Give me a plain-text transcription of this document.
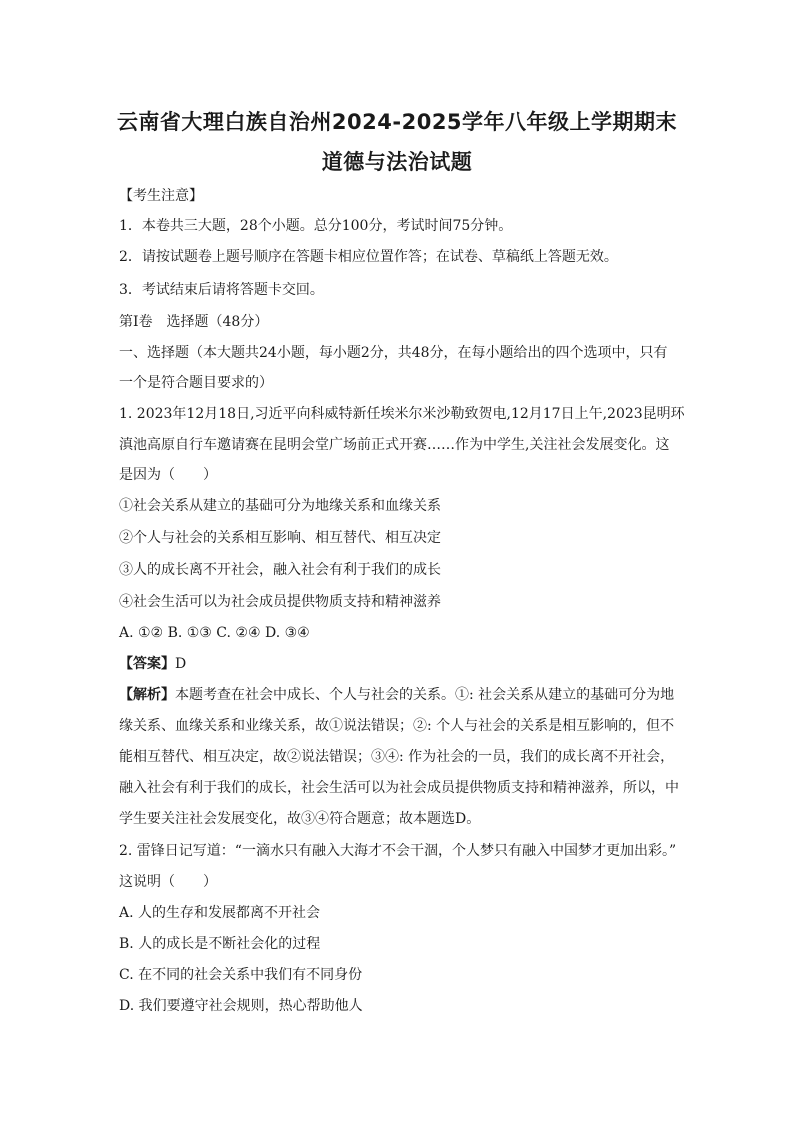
云南省大理白族自治州2024-2025学年八年级上学期期末
道德与法治试题
【考生注意】
1．本卷共三大题，28个小题。总分100分，考试时间75分钟。
2．请按试题卷上题号顺序在答题卡相应位置作答；在试卷、草稿纸上答题无效。
3．考试结束后请将答题卡交回。
第Ⅰ卷　选择题（48分）
一、选择题（本大题共24小题，每小题2分，共48分，在每小题给出的四个选项中，只有
一个是符合题目要求的）
1. 2023年12月18日,习近平向科威特新任埃米尔米沙勒致贺电,12月17日上午,2023昆明环
滇池高原自行车邀请赛在昆明会堂广场前正式开赛……作为中学生,关注社会发展变化。这
是因为（　　）
①社会关系从建立的基础可分为地缘关系和血缘关系
②个人与社会的关系相互影响、相互替代、相互决定
③人的成长离不开社会，融入社会有利于我们的成长
④社会生活可以为社会成员提供物质支持和精神滋养
A. ①② B. ①③ C. ②④ D. ③④
【答案】D
【解析】本题考查在社会中成长、个人与社会的关系。①: 社会关系从建立的基础可分为地
缘关系、血缘关系和业缘关系，故①说法错误；②: 个人与社会的关系是相互影响的，但不
能相互替代、相互决定，故②说法错误；③④: 作为社会的一员，我们的成长离不开社会，
融入社会有利于我们的成长，社会生活可以为社会成员提供物质支持和精神滋养，所以，中
学生要关注社会发展变化，故③④符合题意；故本题选D。
2. 雷锋日记写道：“一滴水只有融入大海才不会干涸，个人梦只有融入中国梦才更加出彩。”
这说明（　　）
A. 人的生存和发展都离不开社会
B. 人的成长是不断社会化的过程
C. 在不同的社会关系中我们有不同身份
D. 我们要遵守社会规则，热心帮助他人
